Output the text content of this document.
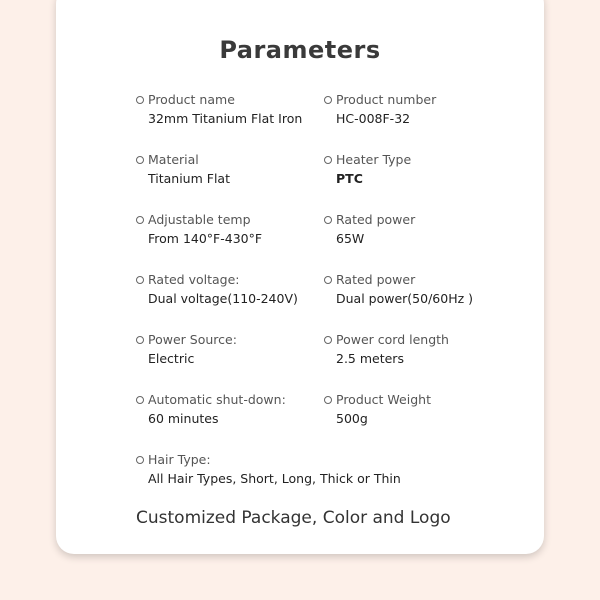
Parameters
Product name
32mm Titanium Flat Iron
Product number
HC-008F-32
Material
Titanium Flat
Heater Type
PTC
Adjustable temp
From 140°F-430°F
Rated power
65W
Rated voltage:
Dual voltage(110-240V)
Rated power
Dual power(50/60Hz )
Power Source:
Electric
Power cord length
2.5 meters
Automatic shut-down:
60 minutes
Product Weight
500g
Hair Type:
All Hair Types, Short, Long, Thick or Thin
Customized Package, Color and Logo
